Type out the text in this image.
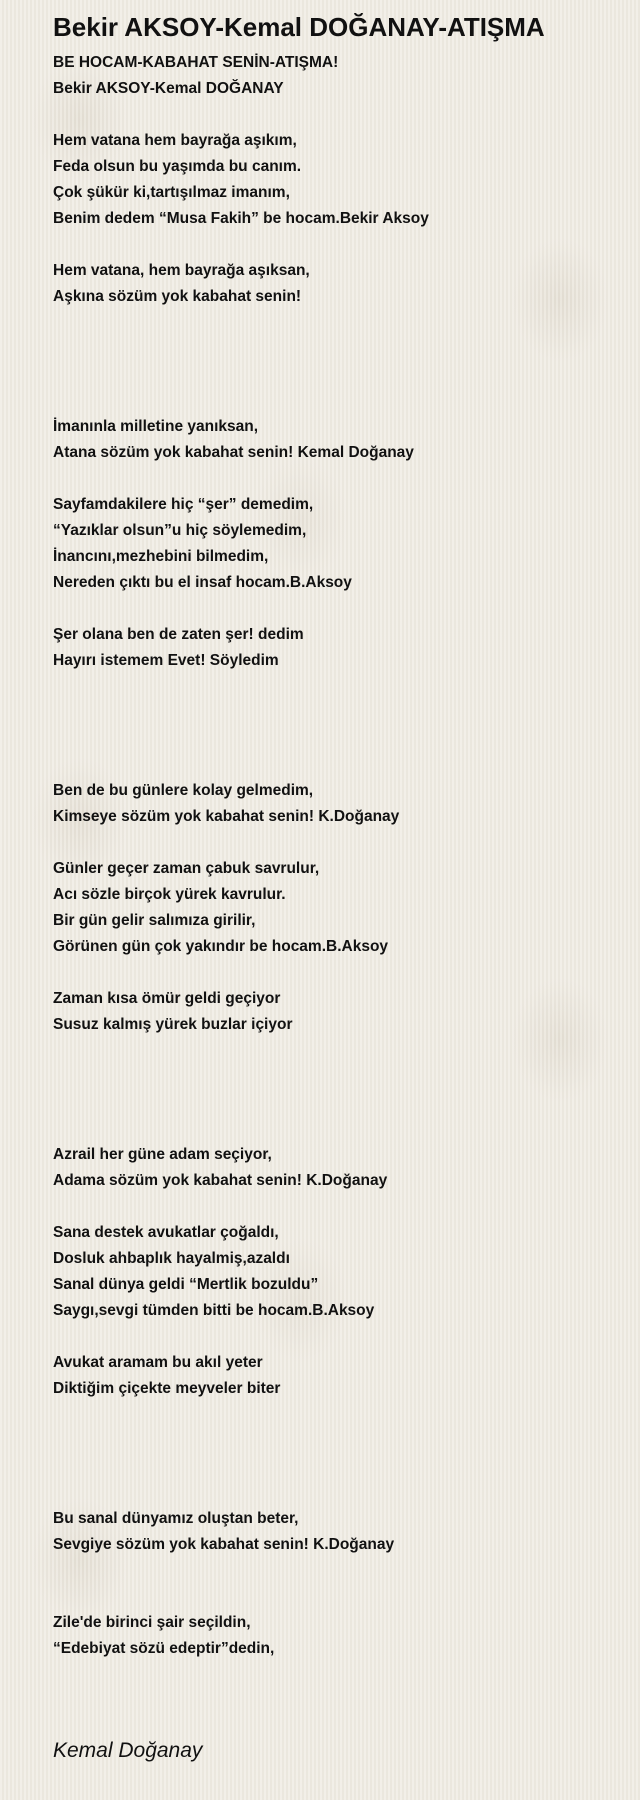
Bekir AKSOY-Kemal DOĞANAY-ATIŞMA
BE HOCAM-KABAHAT SENİN-ATIŞMA!
Bekir AKSOY-Kemal DOĞANAY
Hem vatana hem bayrağa aşıkım,
Feda olsun bu yaşımda bu canım.
Çok şükür ki,tartışılmaz imanım,
Benim dedem “Musa Fakih” be hocam.Bekir Aksoy
Hem vatana, hem bayrağa aşıksan,
Aşkına sözüm yok kabahat senin!
İmanınla milletine yanıksan,
Atana sözüm yok kabahat senin! Kemal Doğanay
Sayfamdakilere hiç “şer” demedim,
“Yazıklar olsun”u hiç söylemedim,
İnancını,mezhebini bilmedim,
Nereden çıktı bu el insaf hocam.B.Aksoy
Şer olana ben de zaten şer! dedim
Hayırı istemem Evet! Söyledim
Ben de bu günlere kolay gelmedim,
Kimseye sözüm yok kabahat senin! K.Doğanay
Günler geçer zaman çabuk savrulur,
Acı sözle birçok yürek kavrulur.
Bir gün gelir salımıza girilir,
Görünen gün çok yakındır be hocam.B.Aksoy
Zaman kısa ömür geldi geçiyor
Susuz kalmış yürek buzlar içiyor
Azrail her güne adam seçiyor,
Adama sözüm yok kabahat senin! K.Doğanay
Sana destek avukatlar çoğaldı,
Dosluk ahbaplık hayalmiş,azaldı
Sanal dünya geldi “Mertlik bozuldu”
Saygı,sevgi tümden bitti be hocam.B.Aksoy
Avukat aramam bu akıl yeter
Diktiğim çiçekte meyveler biter
Bu sanal dünyamız oluştan beter,
Sevgiye sözüm yok kabahat senin! K.Doğanay
Zile'de birinci şair seçildin,
“Edebiyat sözü edeptir”dedin,
Kemal Doğanay
